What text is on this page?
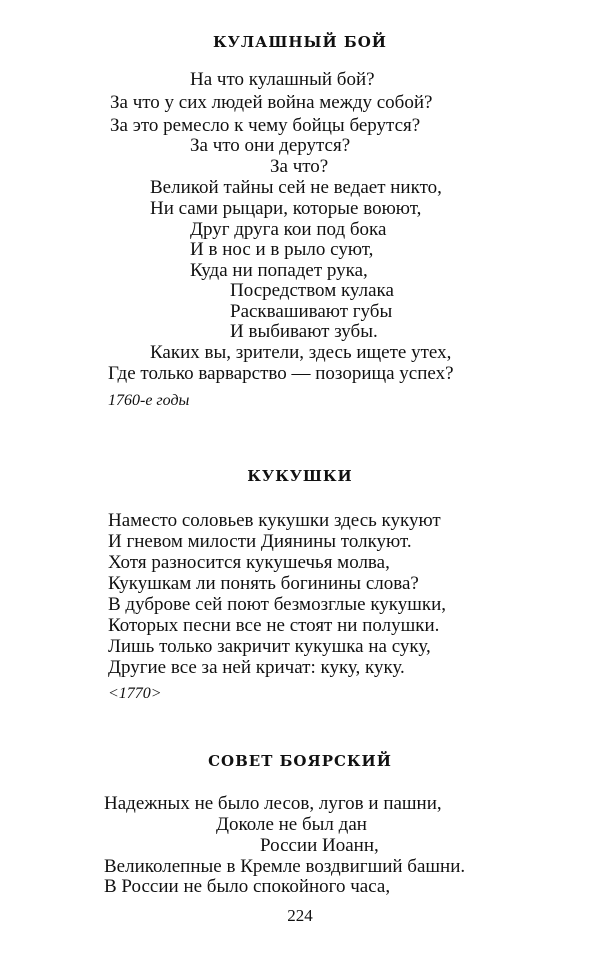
КУЛАШНЫЙ БОЙ
На что кулашный бой?
За что у сих людей война между собой?
За это ремесло к чему бойцы берутся?
За что они дерутся?
За что?
Великой тайны сей не ведает никто,
Ни сами рыцари, которые воюют,
Друг друга кои под бока
И в нос и в рыло суют,
Куда ни попадет рука,
Посредством кулака
Расквашивают губы
И выбивают зубы.
Каких вы, зрители, здесь ищете утех,
Где только варварство — позорища успех?
1760-е годы
КУКУШКИ
Наместо соловьев кукушки здесь кукуют
И гневом милости Диянины толкуют.
Хотя разносится кукушечья молва,
Кукушкам ли понять богинины слова?
В дуброве сей поют безмозглые кукушки,
Которых песни все не стоят ни полушки.
Лишь только закричит кукушка на суку,
Другие все за ней кричат: куку, куку.
<1770>
СОВЕТ БОЯРСКИЙ
Надежных не было лесов, лугов и пашни,
Доколе не был дан
России Иоанн,
Великолепные в Кремле воздвигший башни.
В России не было спокойного часа,
224
